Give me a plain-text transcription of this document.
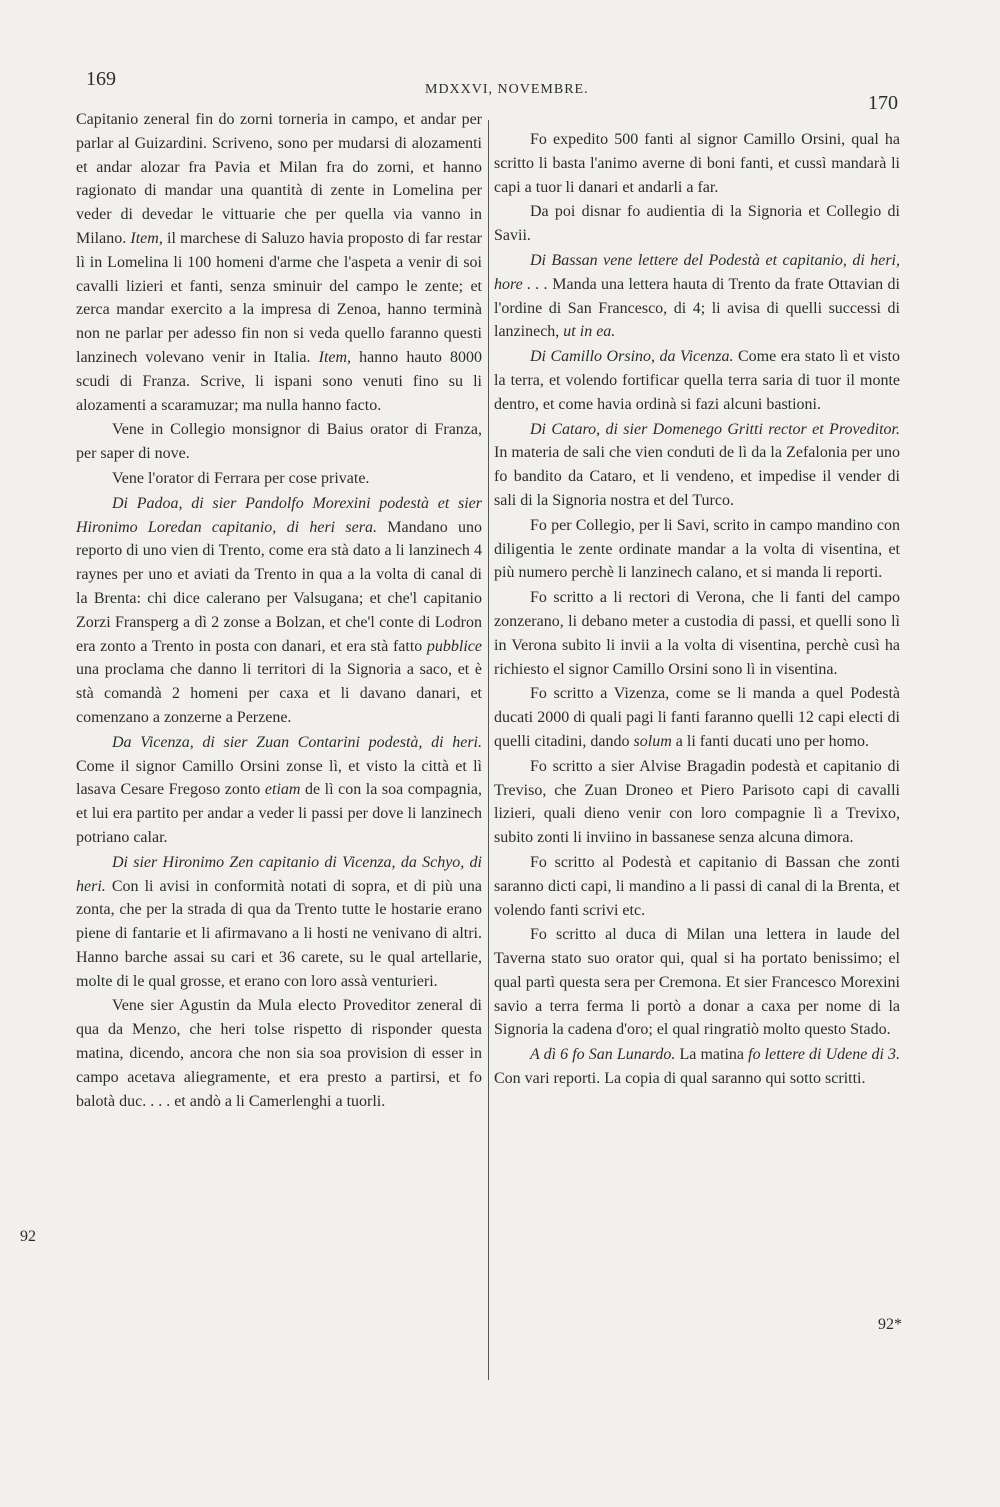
169	MDXXVI, NOVEMBRE.
170

Capitanio zeneral fin do zorni torneria in campo, et andar per parlar al Guizardini. Scriveno, sono per mudarsi di alozamenti et andar alozar fra Pavia et Milan fra do zorni, et hanno ragionato di mandar una quantità di zente in Lomelina per veder di devedar le vittuarie che per quella via vanno in Milano. Item, il marchese di Saluzo havia proposto di far restar lì in Lomelina li 100 homeni d'arme che l'aspeta a venir di soi cavalli lizieri et fanti, senza sminuir del campo le zente; et zerca mandar exercito a la impresa di Zenoa, hanno terminà non ne parlar per adesso fin non si veda quello faranno questi lanzinech volevano venir in Italia. Item, hanno hauto 8000 scudi di Franza. Scrive, li ispani sono venuti fino su li alozamenti a scaramuzar; ma nulla hanno facto.

Vene in Collegio monsignor di Baius orator di Franza, per saper di nove.

Vene l'orator di Ferrara per cose private.

Di Padoa, di sier Pandolfo Morexini podestà et sier Hironimo Loredan capitanio, di heri sera. Mandano uno reporto di uno vien di Trento, come era stà dato a li lanzinech 4 raynes per uno et aviati da Trento in qua a la volta di canal di la Brenta: chi dice calerano per Valsugana; et che'l capitanio Zorzi Fransperg a dì 2 zonse a Bolzan, et che'l conte di Lodron era zonto a Trento in posta con danari, et era stà fatto pubblice una proclama che danno li territori di la Signoria a saco, et è stà comandà 2 homeni per caxa et li davano danari, et comenzano a zonzerne a Perzene.

Da Vicenza, di sier Zuan Contarini podestà, di heri. Come il signor Camillo Orsini zonse lì, et visto la città et lì lasava Cesare Fregoso zonto etiam de lì con la soa compagnia, et lui era partito per andar a veder li passi per dove li lanzinech potriano calar.

Di sier Hironimo Zen capitanio di Vicenza, da Schyo, di heri. Con li avisi in conformità notati di sopra, et di più una zonta, che per la strada di qua da Trento tutte le hostarie erano piene di fantarie et li afirmavano a li hosti ne venivano di altri. Hanno barche assai su cari et 36 carete, su le qual artellarie, molte di le qual grosse, et erano con loro assà venturieri.

Vene sier Agustin da Mula electo Proveditor zeneral di qua da Menzo, che heri tolse rispetto di risponder questa matina, dicendo, ancora che non sia soa provision di esser in campo acetava aliegramente, et era presto a partirsi, et fo balotà duc. . . . et andò a li Camerlenghi a tuorli.

Fo expedito 500 fanti al signor Camillo Orsini, qual ha scritto li basta l'animo averne di boni fanti, et cussì mandarà li capi a tuor li danari et andarli a far.

Da poi disnar fo audientia di la Signoria et Collegio di Savii.

Di Bassan vene lettere del Podestà et capitanio, di heri, hore . . . Manda una lettera hauta di Trento da frate Ottavian di l'ordine di San Francesco, di 4; li avisa di quelli successi di lanzinech, ut in ea.

Di Camillo Orsino, da Vicenza. Come era stato lì et visto la terra, et volendo fortificar quella terra saria di tuor il monte dentro, et come havia ordinà si fazi alcuni bastioni.

Di Cataro, di sier Domenego Gritti rector et Proveditor. In materia de sali che vien conduti de lì da la Zefalonia per uno fo bandito da Cataro, et li vendeno, et impedise il vender di sali di la Signoria nostra et del Turco.

Fo per Collegio, per li Savi, scrito in campo mandino con diligentia le zente ordinate mandar a la volta di visentina, et più numero perchè li lanzinech calano, et si manda li reporti.

Fo scritto a li rectori di Verona, che li fanti del campo zonzerano, li debano meter a custodia di passi, et quelli sono lì in Verona subito li invii a la volta di visentina, perchè cusì ha richiesto el signor Camillo Orsini sono lì in visentina.

Fo scritto a Vizenza, come se li manda a quel Podestà ducati 2000 di quali pagi li fanti faranno quelli 12 capi electi di quelli citadini, dando solum a li fanti ducati uno per homo.

Fo scritto a sier Alvise Bragadin podestà et capitanio di Treviso, che Zuan Droneo et Piero Parisoto capi di cavalli lizieri, quali dieno venir con loro compagnie lì a Trevixo, subito zonti li inviino in bassanese senza alcuna dimora.

Fo scritto al Podestà et capitanio di Bassan che zonti saranno dicti capi, li mandino a li passi di canal di la Brenta, et volendo fanti scrivi etc.

Fo scritto al duca di Milan una lettera in laude del Taverna stato suo orator qui, qual si ha portato benissimo; el qual partì questa sera per Cremona. Et sier Francesco Morexini savio a terra ferma li portò a donar a caxa per nome di la Signoria la cadena d'oro; el qual ringratiò molto questo Stado.

A dì 6 fo San Lunardo. La matina fo lettere di Udene di 3. Con vari reporti. La copia di qual saranno qui sotto scritti.

92
92*
